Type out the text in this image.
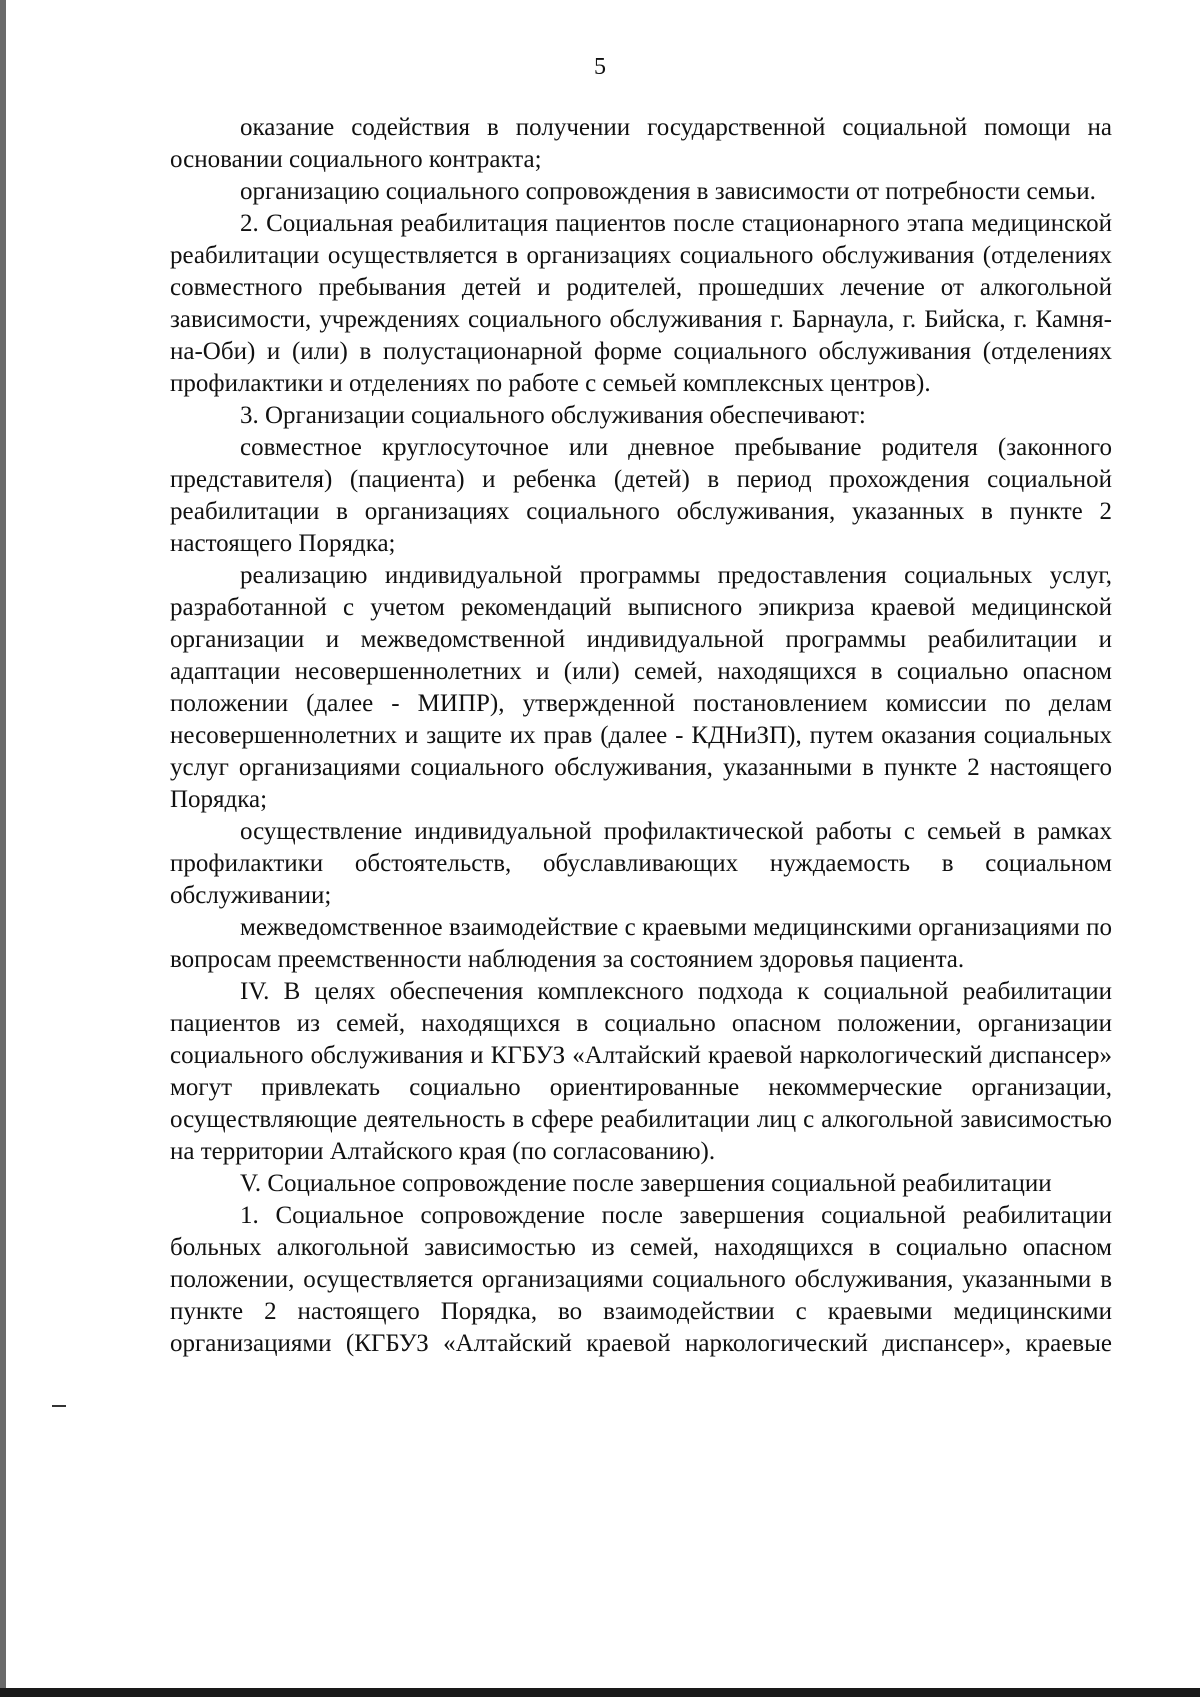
5

оказание содействия в получении государственной социальной помощи на основании социального контракта;

организацию социального сопровождения в зависимости от потребности семьи.

2. Социальная реабилитация пациентов после стационарного этапа медицинской реабилитации осуществляется в организациях социального обслуживания (отделениях совместного пребывания детей и родителей, прошедших лечение от алкогольной зависимости, учреждениях социального обслуживания г. Барнаула, г. Бийска, г. Камня-на-Оби) и (или) в полустационарной форме социального обслуживания (отделениях профилактики и отделениях по работе с семьей комплексных центров).

3. Организации социального обслуживания обеспечивают:

совместное круглосуточное или дневное пребывание родителя (законного представителя) (пациента) и ребенка (детей) в период прохождения социальной реабилитации в организациях социального обслуживания, указанных в пункте 2 настоящего Порядка;

реализацию индивидуальной программы предоставления социальных услуг, разработанной с учетом рекомендаций выписного эпикриза краевой медицинской организации и межведомственной индивидуальной программы реабилитации и адаптации несовершеннолетних и (или) семей, находящихся в социально опасном положении (далее - МИПР), утвержденной постановлением комиссии по делам несовершеннолетних и защите их прав (далее - КДНиЗП), путем оказания социальных услуг организациями социального обслуживания, указанными в пункте 2 настоящего Порядка;

осуществление индивидуальной профилактической работы с семьей в рамках профилактики обстоятельств, обуславливающих нуждаемость в социальном обслуживании;

межведомственное взаимодействие с краевыми медицинскими организациями по вопросам преемственности наблюдения за состоянием здоровья пациента.

IV. В целях обеспечения комплексного подхода к социальной реабилитации пациентов из семей, находящихся в социально опасном положении, организации социального обслуживания и КГБУЗ «Алтайский краевой наркологический диспансер» могут привлекать социально ориентированные некоммерческие организации, осуществляющие деятельность в сфере реабилитации лиц с алкогольной зависимостью на территории Алтайского края (по согласованию).

V. Социальное сопровождение после завершения социальной реабилитации

1. Социальное сопровождение после завершения социальной реабилитации больных алкогольной зависимостью из семей, находящихся в социально опасном положении, осуществляется организациями социального обслуживания, указанными в пункте 2 настоящего Порядка, во взаимодействии с краевыми медицинскими организациями (КГБУЗ «Алтайский краевой наркологический диспансер», краевые
